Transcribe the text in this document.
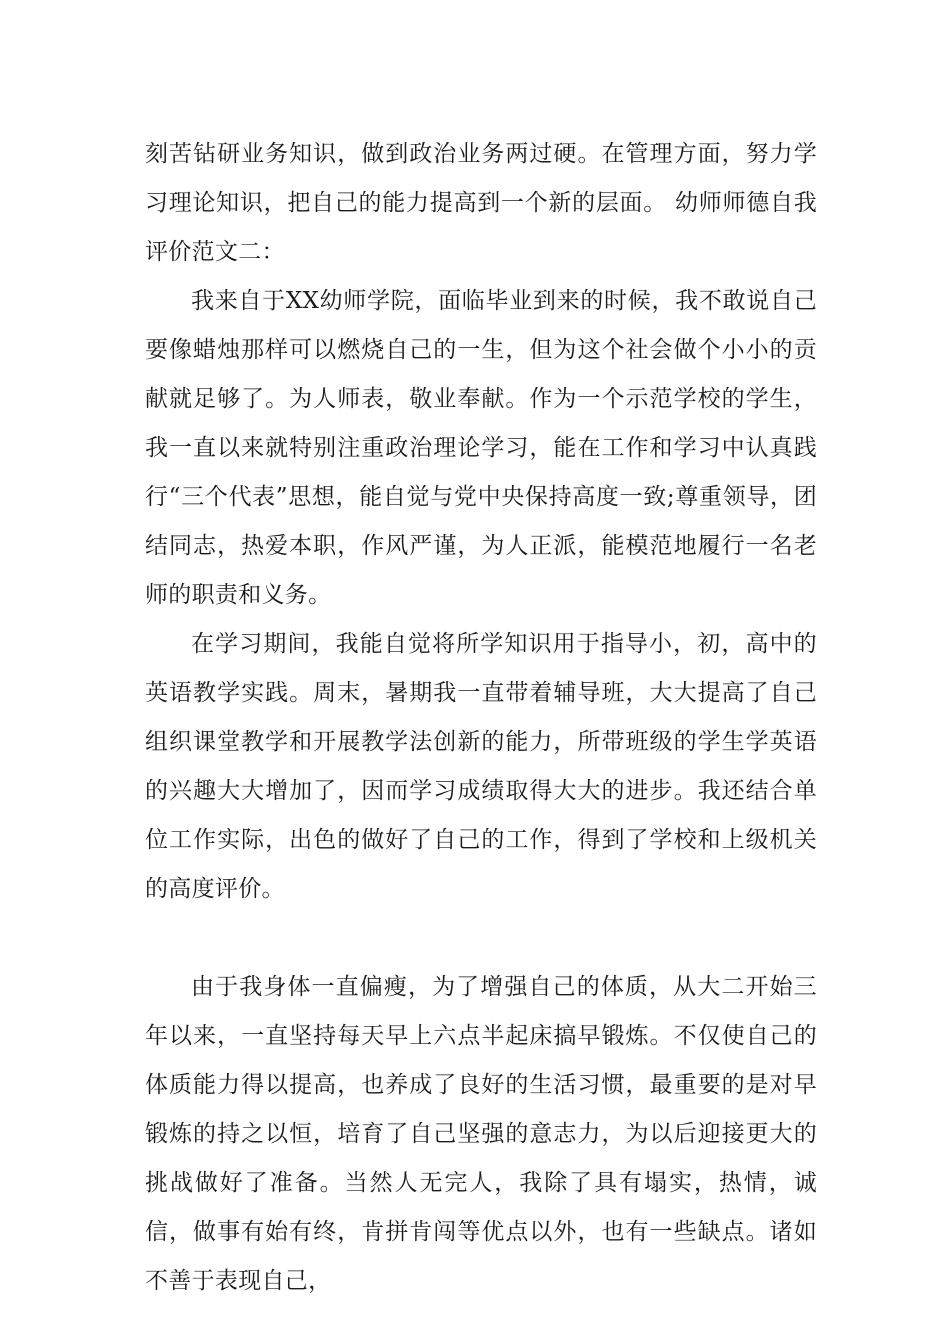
刻苦钻研业务知识，做到政治业务两过硬。在管理方面，努力学习理论知识，把自己的能力提高到一个新的层面。 幼师师德自我评价范文二：

我来自于XX幼师学院，面临毕业到来的时候，我不敢说自己要像蜡烛那样可以燃烧自己的一生，但为这个社会做个小小的贡献就足够了。为人师表，敬业奉献。作为一个示范学校的学生，我一直以来就特别注重政治理论学习，能在工作和学习中认真践行“三个代表”思想，能自觉与党中央保持高度一致;尊重领导，团结同志，热爱本职，作风严谨，为人正派，能模范地履行一名老师的职责和义务。

在学习期间，我能自觉将所学知识用于指导小，初，高中的英语教学实践。周末，暑期我一直带着辅导班，大大提高了自己组织课堂教学和开展教学法创新的能力，所带班级的学生学英语的兴趣大大增加了，因而学习成绩取得大大的进步。我还结合单位工作实际，出色的做好了自己的工作，得到了学校和上级机关的高度评价。

由于我身体一直偏瘦，为了增强自己的体质，从大二开始三年以来，一直坚持每天早上六点半起床搞早锻炼。不仅使自己的体质能力得以提高，也养成了良好的生活习惯，最重要的是对早锻炼的持之以恒，培育了自己坚强的意志力，为以后迎接更大的挑战做好了准备。当然人无完人，我除了具有塌实，热情，诚信，做事有始有终，肯拼肯闯等优点以外，也有一些缺点。诸如不善于表现自己，
